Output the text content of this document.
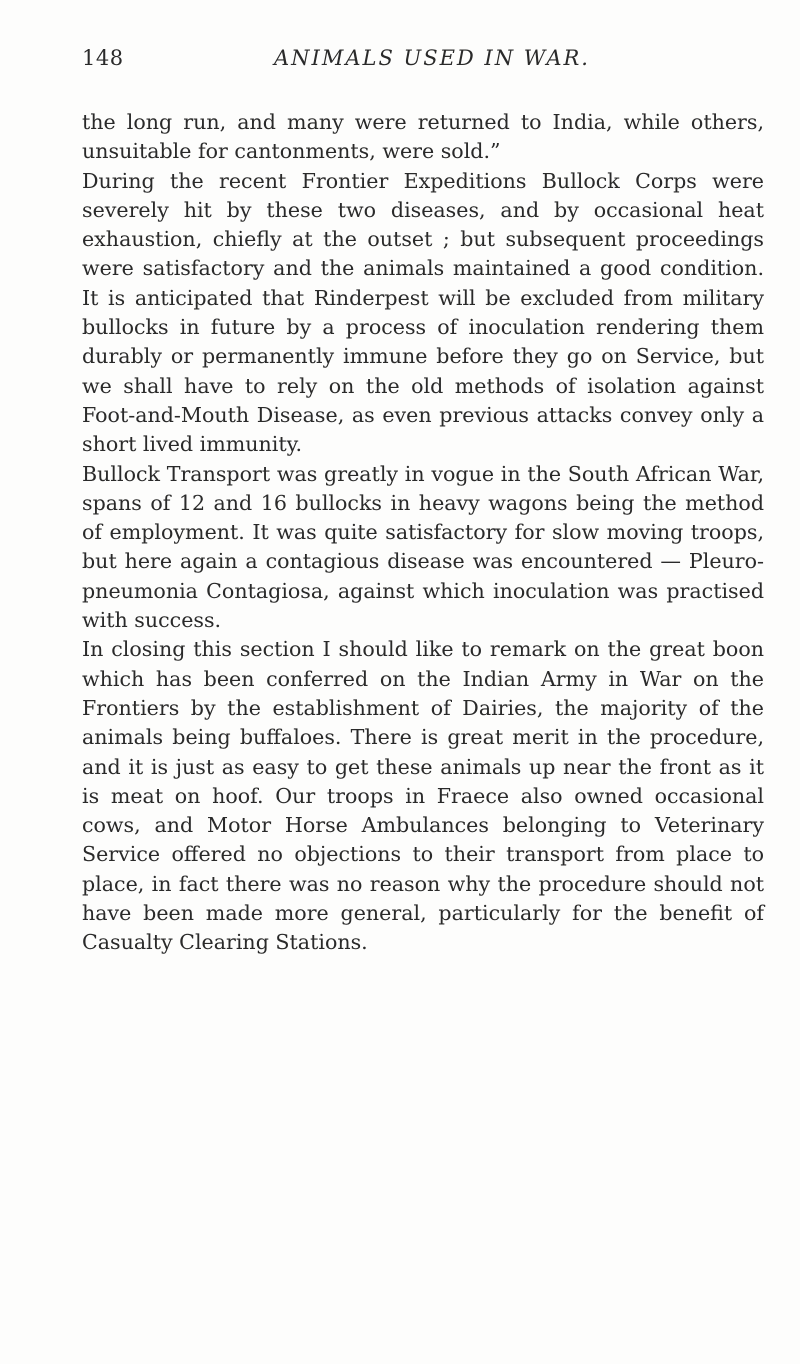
148	ANIMALS USED IN WAR.

the long run, and many were returned to India, while others, unsuitable for cantonments, were sold.”

During the recent Frontier Expeditions Bullock Corps were severely hit by these two diseases, and by occasional heat exhaustion, chiefly at the outset ; but subsequent proceedings were satisfactory and the animals maintained a good condition. It is anticipated that Rinderpest will be excluded from military bullocks in future by a process of inoculation rendering them durably or permanently immune before they go on Service, but we shall have to rely on the old methods of isolation against Foot-and-Mouth Disease, as even previous attacks convey only a short lived immunity.

Bullock Transport was greatly in vogue in the South African War, spans of 12 and 16 bullocks in heavy wagons being the method of employment. It was quite satisfactory for slow moving troops, but here again a contagious disease was encountered — Pleuro-pneumonia Contagiosa, against which inoculation was practised with success.

In closing this section I should like to remark on the great boon which has been conferred on the Indian Army in War on the Frontiers by the establishment of Dairies, the majority of the animals being buffaloes. There is great merit in the procedure, and it is just as easy to get these animals up near the front as it is meat on hoof. Our troops in Fraece also owned occasional cows, and Motor Horse Ambulances belonging to Veterinary Service offered no objections to their transport from place to place, in fact there was no reason why the procedure should not have been made more general, particularly for the benefit of Casualty Clearing Stations.
